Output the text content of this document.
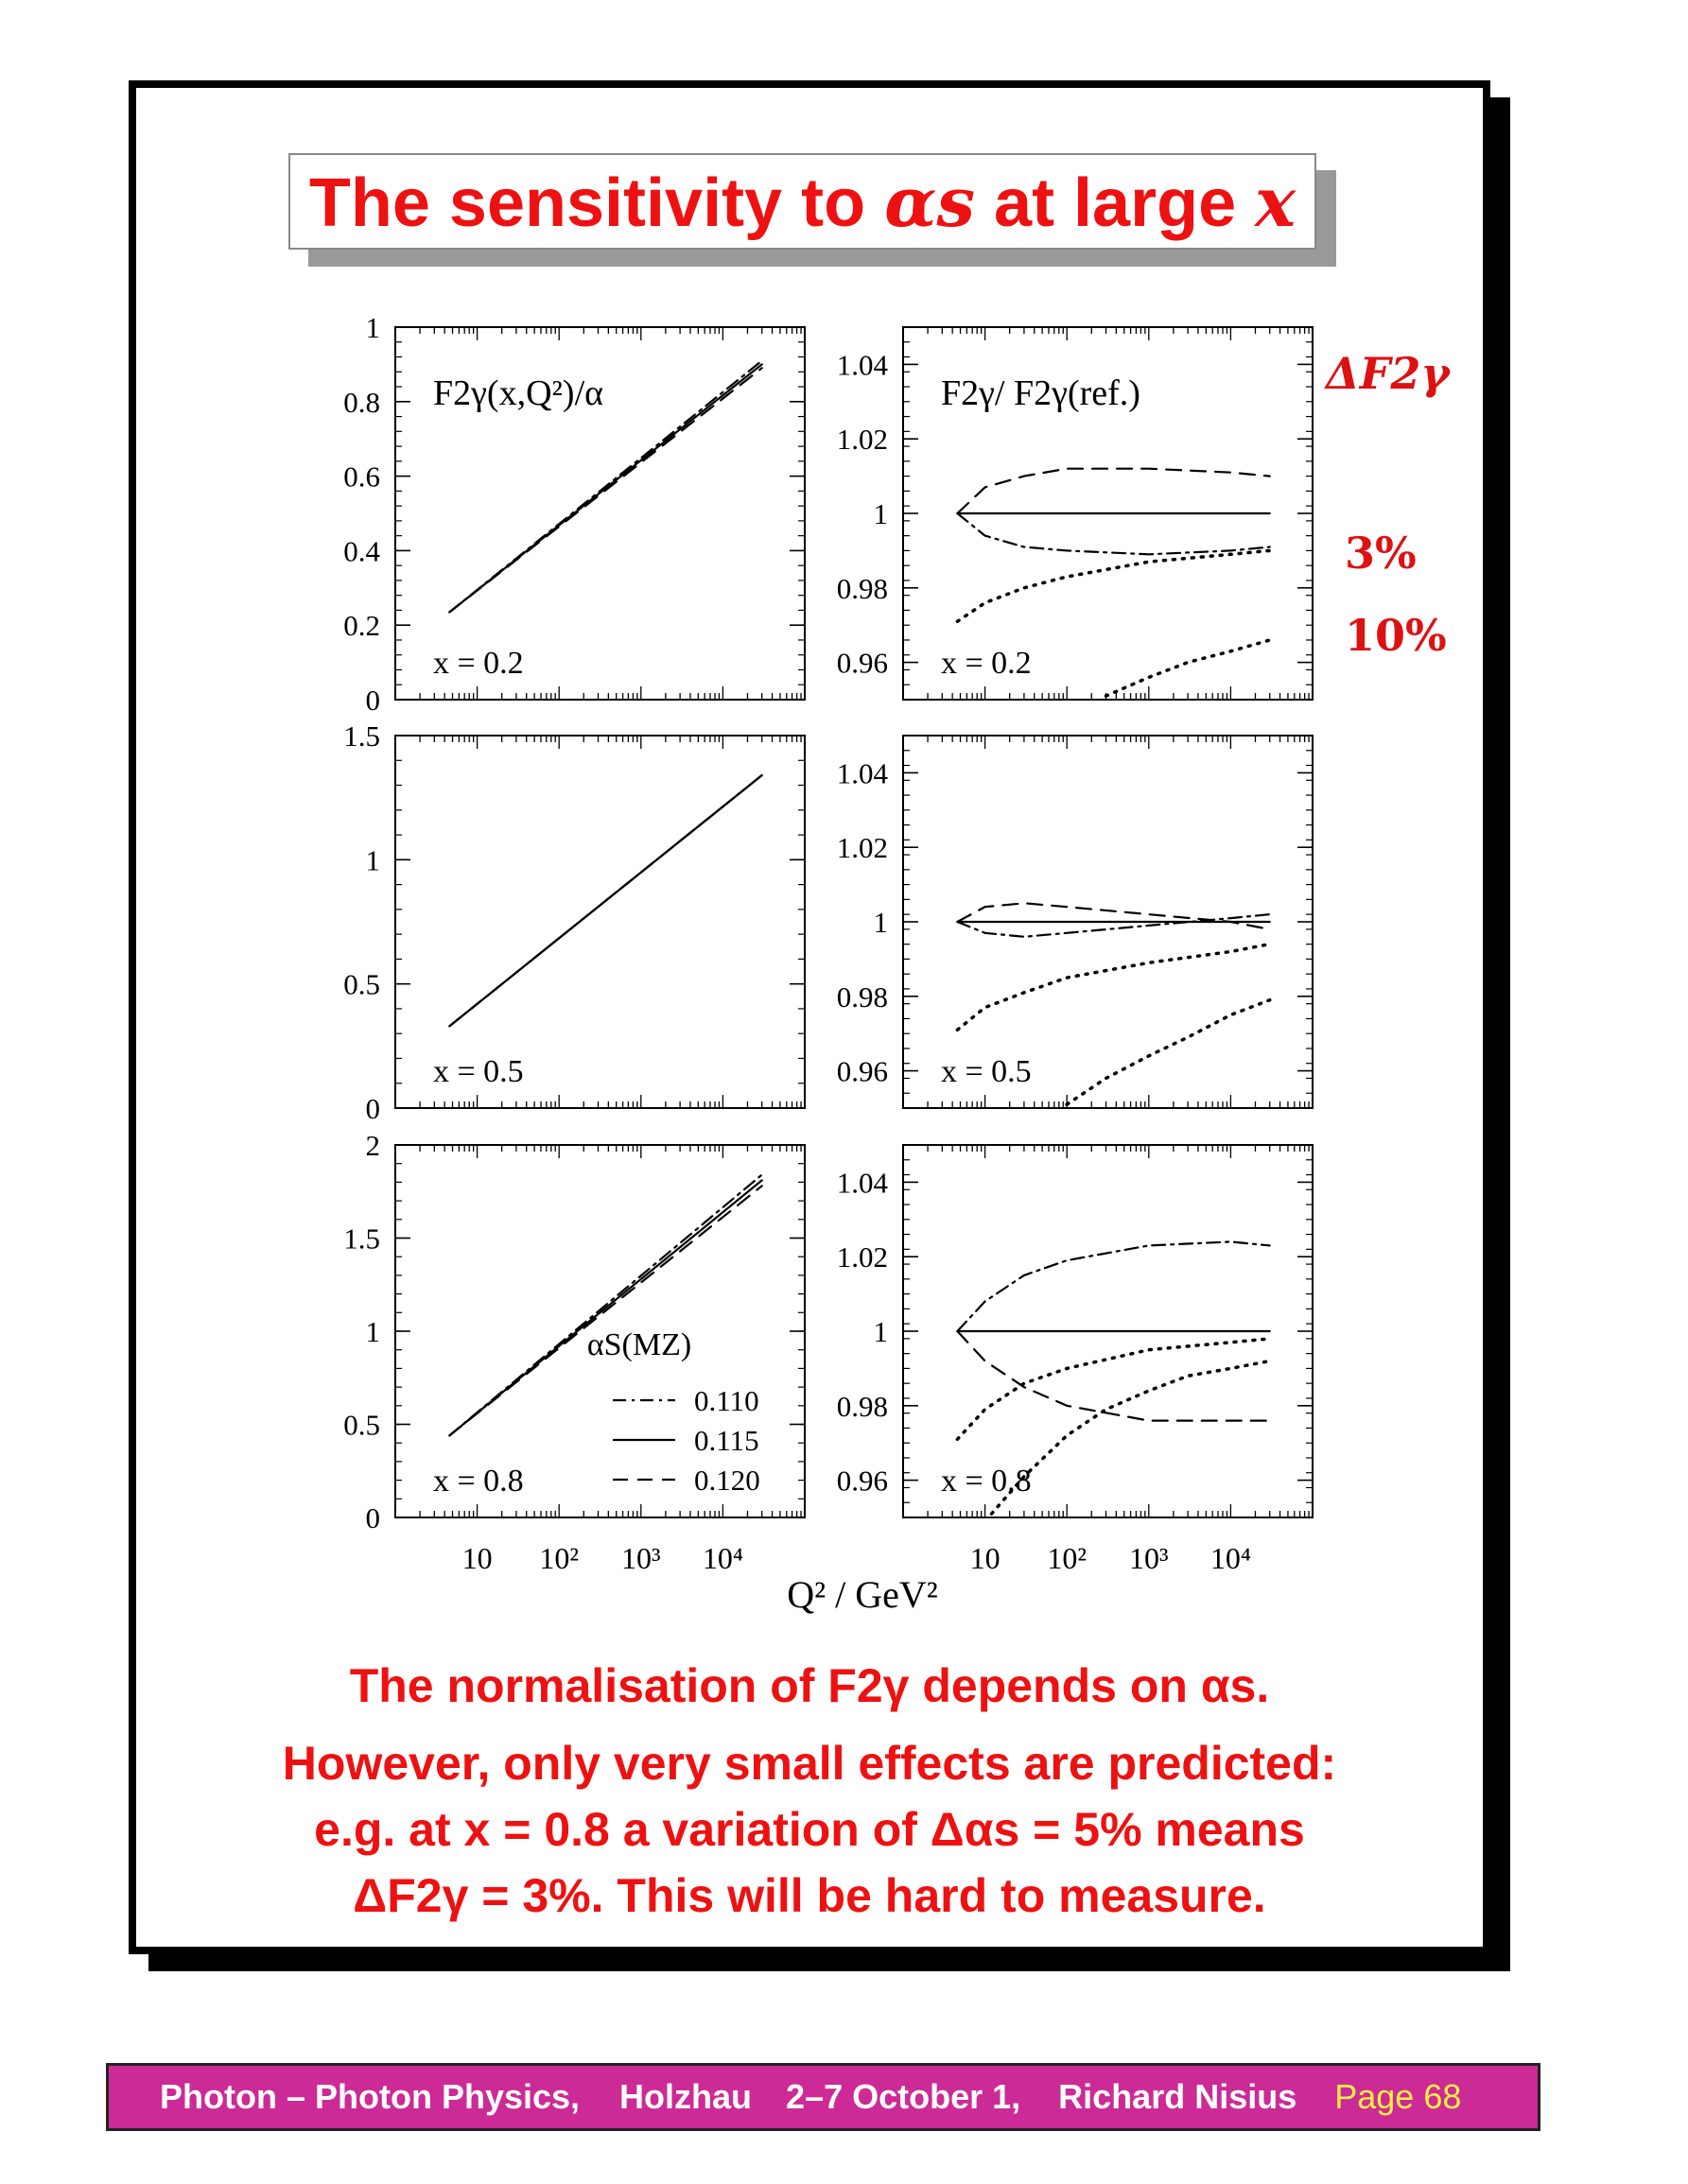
The sensitivity to αs at large x
0
0.2
0.4
0.6
0.8
1
x = 0.2
F2γ(x,Q²)/α
0.96
0.98
1
1.02
1.04
x = 0.2
F2γ/ F2γ(ref.)
0
0.5
1
1.5
x = 0.5	0.96
0.98
1
1.02
1.04
x = 0.5
0
0.5
1
1.5
2
x = 0.8
10 10² 10³ 10⁴
αS(MZ)
0.110
0.115
0.120	0.96
0.98
1
1.02
1.04
x = 0.8
10 10² 10³ 10⁴
Q² / GeV²
ΔF2γ
3%
10%
The normalisation of F2γ depends on αs.
However, only very small effects are predicted:
e.g. at x = 0.8 a variation of Δαs = 5% means
ΔF2γ = 3%. This will be hard to measure.
Photon – Photon Physics, Holzhau 2–7 October 1, Richard Nisius Page 68
